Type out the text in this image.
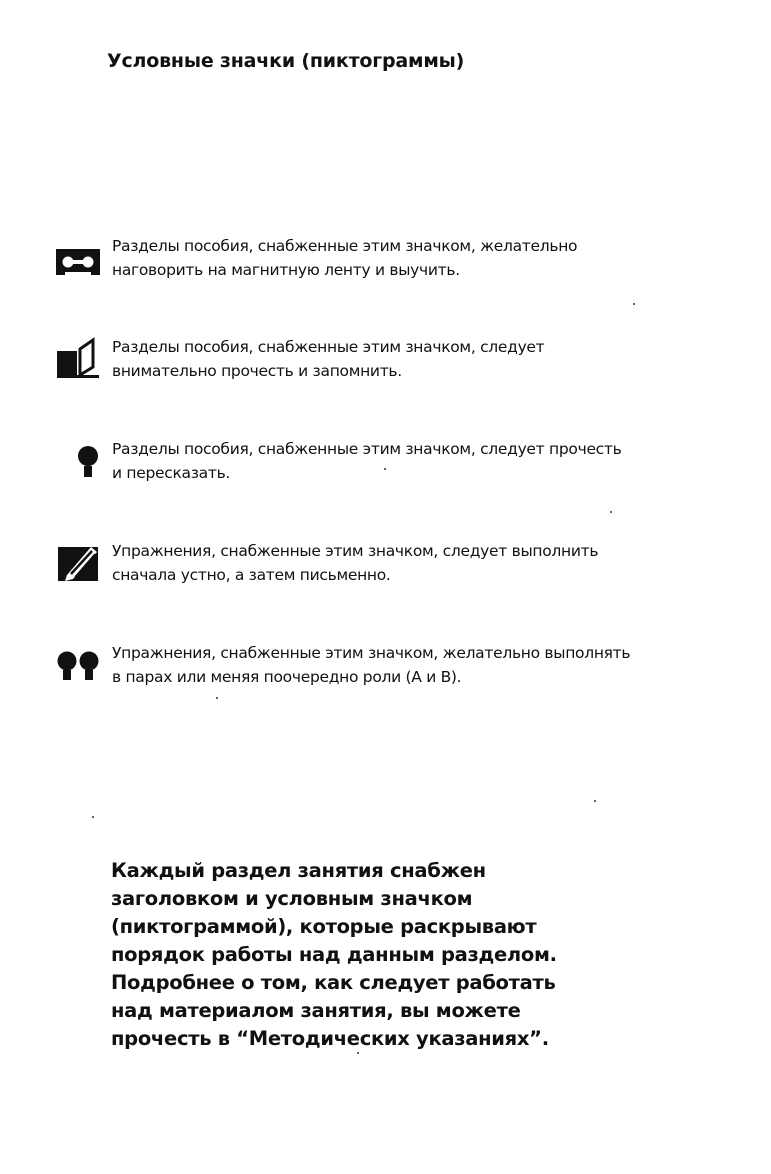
Условные значки (пиктограммы)

Разделы пособия, снабженные этим значком, желательно наговорить на магнитную ленту и выучить.

Разделы пособия, снабженные этим значком, следует внимательно прочесть и запомнить.

Разделы пособия, снабженные этим значком, следует прочесть и пересказать.

Упражнения, снабженные этим значком, следует выполнить сначала устно, а затем письменно.

Упражнения, снабженные этим значком, желательно выполнять в парах или меняя поочередно роли (А и В).

Каждый раздел занятия снабжен заголовком и условным значком (пиктограммой), которые раскрывают порядок работы над данным разделом. Подробнее о том, как следует работать над материалом занятия, вы можете прочесть в “Методических указаниях”.
